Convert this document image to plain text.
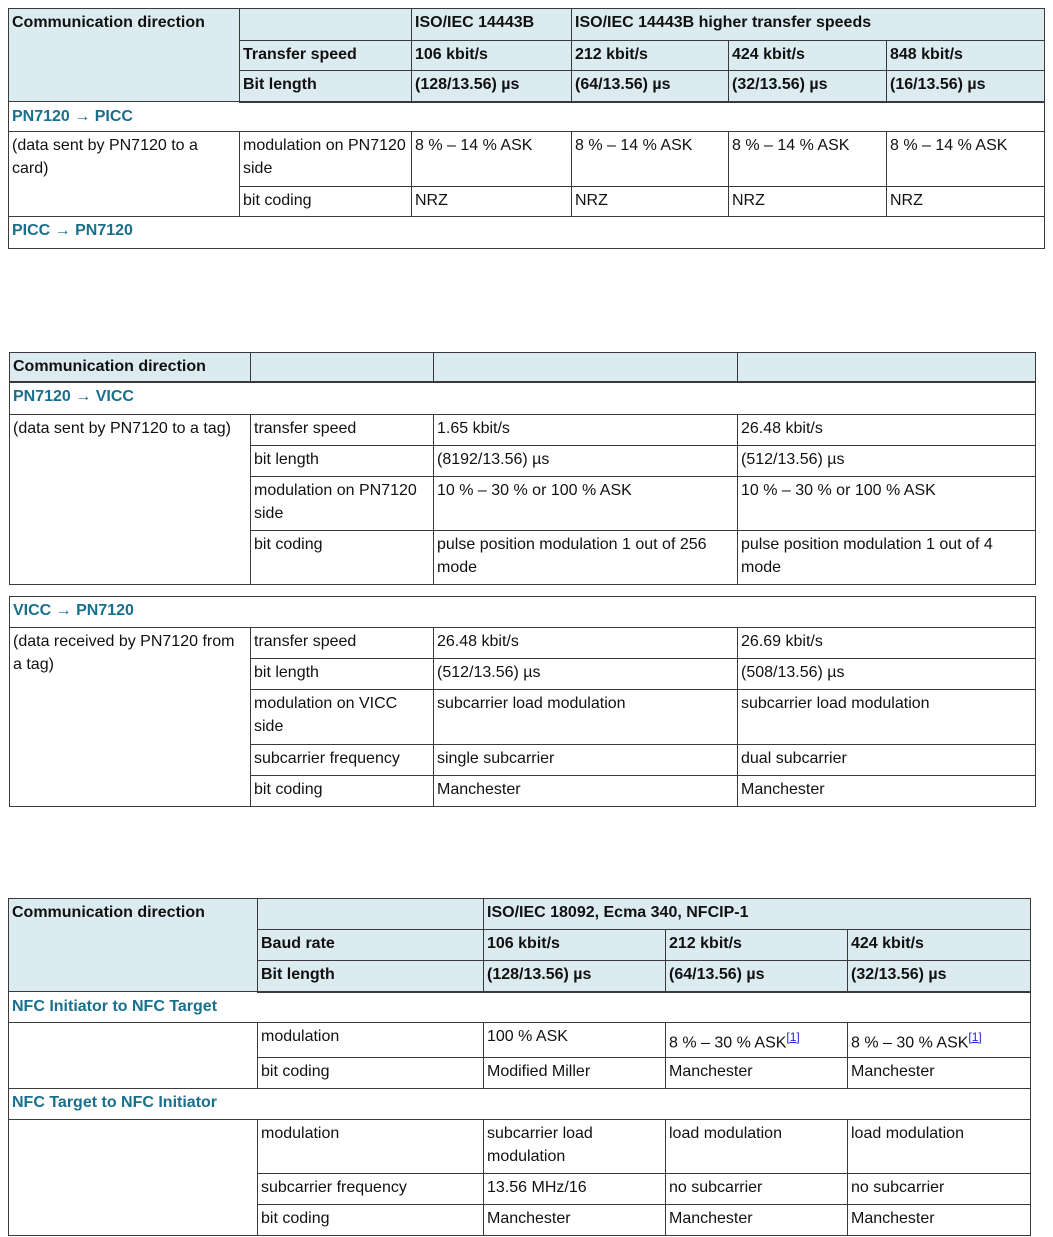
Communication direction		ISO/IEC 14443B	ISO/IEC 14443B higher transfer speeds		
	Transfer speed	106 kbit/s	212 kbit/s	424 kbit/s	848 kbit/s
	Bit length	(128/13.56) µs	(64/13.56) µs	(32/13.56) µs	(16/13.56) µs
PN7120 → PICC					
(data sent by PN7120 to a card)	modulation on PN7120 side	8 % – 14 % ASK	8 % – 14 % ASK	8 % – 14 % ASK	8 % – 14 % ASK
	bit coding	NRZ	NRZ	NRZ	NRZ
PICC → PN7120					
Communication direction			
PN7120 → VICC			
(data sent by PN7120 to a tag)	transfer speed	1.65 kbit/s	26.48 kbit/s
	bit length	(8192/13.56) µs	(512/13.56) µs
	modulation on PN7120 side	10 % – 30 % or 100 % ASK	10 % – 30 % or 100 % ASK
	bit coding	pulse position modulation 1 out of 256 mode	pulse position modulation 1 out of 4 mode

VICC → PN7120			
(data received by PN7120 from a tag)	transfer speed	26.48 kbit/s	26.69 kbit/s
	bit length	(512/13.56) µs	(508/13.56) µs
	modulation on VICC side	subcarrier load modulation	subcarrier load modulation
	subcarrier frequency	single subcarrier	dual subcarrier
	bit coding	Manchester	Manchester
Communication direction		ISO/IEC 18092, Ecma 340, NFCIP-1		
	Baud rate	106 kbit/s	212 kbit/s	424 kbit/s
	Bit length	(128/13.56) µs	(64/13.56) µs	(32/13.56) µs
NFC Initiator to NFC Target				
	modulation	100 % ASK	8 % – 30 % ASK[1]	8 % – 30 % ASK[1]
	bit coding	Modified Miller	Manchester	Manchester
NFC Target to NFC Initiator				
	modulation	subcarrier load modulation	load modulation	load modulation
	subcarrier frequency	13.56 MHz/16	no subcarrier	no subcarrier
	bit coding	Manchester	Manchester	Manchester
